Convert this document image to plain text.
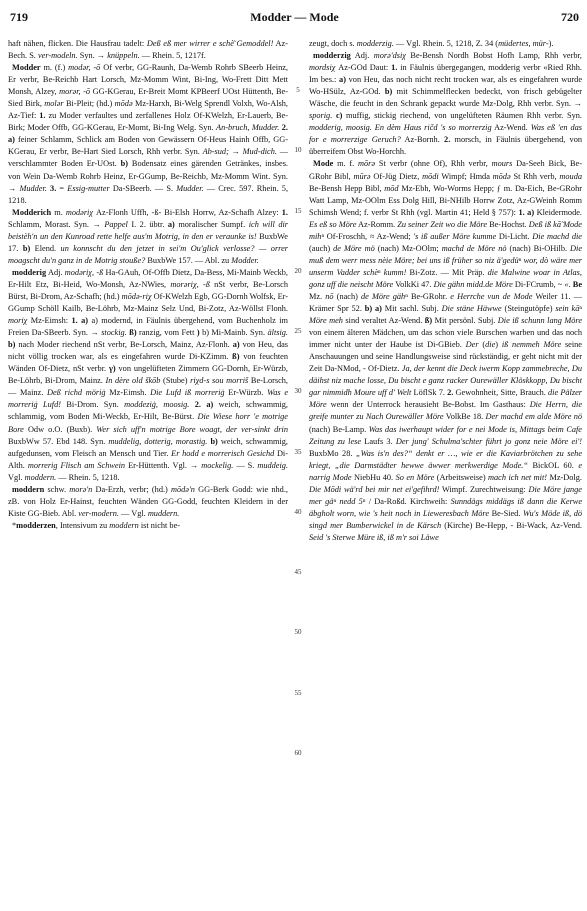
719	Modder — Mode	720

haft nähen, flicken. Die Hausfrau tadelt: Deß eß mer wirrer e schè͂ Gemoddel! Az-Bech. S. ver-modeln. Syn. → knüppeln. — Rhein. 5, 1217f.

Modder m. (f.) modər, -ō Of verbr, GG-Raunh, Da-Wemb Rohrb SBeerb Heinz, Er verbr, Be-Reichb Hart Lorsch, Mz-Momm Wint, Bi-Ing, Wo-Frett Ditt Mett Monsh, Alzey, morər, -ō GG-KGerau, Er-Breit Momt KPBeerf UOst Hüttenth, Be-Sied Birk, molər Bi-Pleit; (hd.) mōdə Mz-Harxh, Bi-Welg Sprendl Volxh, Wo-Alsh, Az-Tief: 1. zu Moder verfaultes und zerfallenes Holz Of-KWelzh, Er-Lauerb, Be-Birk; Moder Offb, GG-KGerau, Er-Momt, Bi-Ing Welg. Syn. An-bruch, Mudder. 2. a) feiner Schlamm, Schlick am Boden von Gewässern Of-Heus Hainh Offb, GG-KGerau, Er verbr, Be-Hart Sied Lorsch, Rhh verbr. Syn. Ab-sud; → Mud-dich. — verschlammter Boden Er-UOst. b) Bodensatz eines gärenden Getränkes, insbes. von Wein Da-Wemb Rohrb Heinz, Er-GGump, Be-Reichb, Mz-Momm Wint. Syn. → Mudder. 3. = Essig-mutter Da-SBeerb. — S. Mudder. — Crec. 597. Rhein. 5, 1218.

Modderich m. modəriχ Az-Flonh Uffh, -ß- Bi-Elsh Horrw, Az-Schafh Alzey: 1. Schlamm, Morast. Syn. → Pappel I. 2. übtr. a) moralischer Sumpf. ich will dir beistèh'n un den Kunroad rette helfe aus'm Motrig, in den er veraunke is! BuxbWe 17. b) Elend. un konnscht du den jetzet in sei'm Ou'glick verlosse? — orrer moagscht du'n ganz in de Motrig stouße? BuxbWe 157. — Abl. zu Modder.

modderig Adj. modəriχ, -ß Ha-GAuh, Of-Offb Dietz, Da-Bess, Mi-Mainb Weckb, Er-Hilt Etz, Bi-Heid, Wo-Monsh, Az-NWies, morəriχ, -ß nSt verbr, Be-Lorsch Bürst, Bi-Drom, Az-Schafh; (hd.) mōdə-riχ Of-KWelzh Egb, GG-Dornh Wolfsk, Er-GGump Schöll Kailb, Be-Löhrb, Mz-Mainz Selz Und, Bi-Zotz, Az-Wöllst Flonh. moriχ Mz-Eimsh: 1. a) a) modernd, in Fäulnis übergehend, vom Buchenholz im Freien Da-SBeerb. Syn. → stockig. ß) ranzig, vom Fett ) b) Mi-Mainb. Syn. ältsig. b) nach Moder riechend nSt verbr, Be-Lorsch, Mainz, Az-Flonh. a) von Heu, das nicht völlig trocken war, als es eingefahren wurde Di-KZimm. ß) von feuchten Wänden Of-Dietz, nSt verbr. γ) von ungelüfteten Zimmern GG-Dornh, Er-Würzb, Be-Löhrb, Bi-Drom, Mainz. In dère old škōb (Stube) riχd-s sou morriš Be-Lorsch, — Mainz. Deß richd möriġ Mz-Eimsh. Die Lufd iß morreriġ Er-Würzb. Was e morreriġ Lufd! Bi-Drom. Syn. moddeziġ, moosig. 2. a) weich, schwammig, schlammig, vom Boden Mi-Weckb, Er-Hilt, Be-Bürst. Die Wiese horr 'e motrige Bore Odw o.O. (Buxb). Wer sich uff'n motrige Bore woagt, der ver-sinkt drin BuxbWw 57. Ebd 148. Syn. muddelig, dotterig, morastig. b) weich, schwammig, aufgedunsen, vom Fleisch an Mensch und Tier. Er hodd e morrerisch Gesichd Di-Alth. morrerig Flisch am Schwein Er-Hüttenth. Vgl. → mockelig. — S. muddeig. Vgl. moddern. — Rhein. 5, 1218.

moddern schw. morə'n Da-Erzh, verbr; (hd.) mōdə'n GG-Berk Godd: wie nhd., zB. von Holz Er-Hainst, feuchten Wänden GG-Godd, feuchten Kleidern in der Kiste GG-Bieb. Abl. ver-modern. — Vgl. muddern.

*modderzen, Intensivum zu moddern ist nicht be-

5
10
15
20
25
30
35
40
45
50
55
60

zeugt, doch s. modderzig. — Vgl. Rhein. 5, 1218, Z. 34 (müdertes, mür-).

modderzig Adj. morə'dsiχ Be-Bensh Nordh Bobst Hofh Lamp, Rhh verbr, mordsiχ Az-GOd Daut: 1. in Fäulnis übergegangen, modderig verbr «Ried Rhh. Im bes.: a) von Heu, das noch nicht recht trocken war, als es eingefahren wurde Wo-HSülz, Az-GOd. b) mit Schimmelflecken bedeckt, von frisch gebügelter Wäsche, die feucht in den Schrank gepackt wurde Mz-Dolg, Rhh verbr. Syn. → sporig. c) muffig, stickig riechend, von ungelüfteten Räumen Rhh verbr. Syn. modderig, moosig. En dèm Haus ričd 's so morrerzig Az-Wend. Was eß 'en das for e morrerzige Geruch? Az-Bornh. 2. morsch, in Fäulnis übergehend, von überreifem Obst Wo-Horchh.

Mode m. f. mōrə St verbr (ohne Of), Rhh verbr, mours Da-Seeh Bick, Be-GRohr Bibl, mūrə Of-Jüg Dietz, mōdi Wimpf; Hmda mōdə St Rhh verb, mouda Be-Bensh Hepp Bibl, mōd Mz-Ebh, Wo-Worms Hepp; ƒ m. Da-Eich, Be-GRohr Watt Lamp, Mz-OOlm Ess Dolg Hill, Bi-NHilb Horrw Zotz, Az-GWeinh Romm Schimsh Wend; f. verbr St Rhh (vgl. Martin 41; Held § 757): 1. a) Kleidermode. Es eß so Möre Az-Romm. Zu seiner Zeit wo die Möre Be-Hochst. Deß iß kā̃ Mode mihⁿ Of-Froschh, ≈ Az-Wend; 's iß außer Möre kumme Di-Licht. Die machd die (auch) de Möre mö (nach) Mz-OOlm; machd de Möre nö (nach) Bi-OHilb. Die muß dem werr mess nèie Möre; bei uns iß früher so niz ä'gedüⁿ wor, dò wäre mer unserm Vadder schèⁿ kumm! Bi-Zotz. — Mit Präp. die Malwine woar in Atlas, gonz uff die neischt Möre VolkKi 47. Die gähn midd.de Möre Di-FCrumb, ~ «. Be Mz. nō (nach) de Möre gähⁿ Be-GRohr. e Herrche vun de Mode Weiler 11. — Krämer Spr 52. b) a) Mit sachl. Subj. Die stäne Häwwe (Steingutöpfe) sein kāⁿ Möre meh sind veraltet Az-Wend. ß) Mit persönl. Subj. Die iß schunn lang Möre von einem älteren Mädchen, um das schon viele Burschen warben und das noch immer nicht unter der Haube ist Di-GBieb. Der (die) iß nemmeh Möre seine Anschauungen und seine Handlungsweise sind rückständig, er geht nicht mit der Zeit Da-NMod, - Of-Dietz. Ja, der kennt die Deck iwerm Kopp zammebreche, Du däihst niz mache losse, Du bischt e ganz racker Ourewäller Klöskkopp, Du bischt gar nimmidh Moure uff d' Welt LöflSk 7. 2. Gewohnheit, Sitte, Brauch. die Pälzer Möre wenn der Unterrock herausieht Be-Bobst. Im Gasthaus: Die Herrn, die greife munter zu Nach Ourewäller Möre VolkBe 18. Der machd em alde Möre nö (nach) Be-Lamp. Was das iwerhaupt wider for e nei Mode is, Mittags beim Cafe Zeitung zu lese Laufs 3. Der jung' Schulma'schter führt jo gonz neie Möre ei'! BuxbMo 28. „Was is'n des?“ denkt er …, wie er die Kaviarbrötchen zu sehe kriegt, „die Darmstädter hewwe äwwer merkwerdige Mode.“ BickOL 60. e narrig Mode NiebHu 40. So en Möre (Arbeitsweise) mach ich net mit! Mz-Dolg. Die Mōdi wä'rd bei mir net ei'gefihrd! Wimpf. Zurechtweisung: Die Möre jange mer gäⁿ nedd 5ⁿ / Da-Roßd. Kirchweih: Sunndägs middägs iß dann die Kerwe äbgholt worn, wie 's heit noch in Lieweresbach Möre Be-Sied. Wu's Möde iß, dö singd mer Bumberwickel in de Kärsch (Kirche) Be-Hepp, - Bi-Wack, Az-Vend. Seid 's Sterwe Müre iß, iß m'r soi Läwe
